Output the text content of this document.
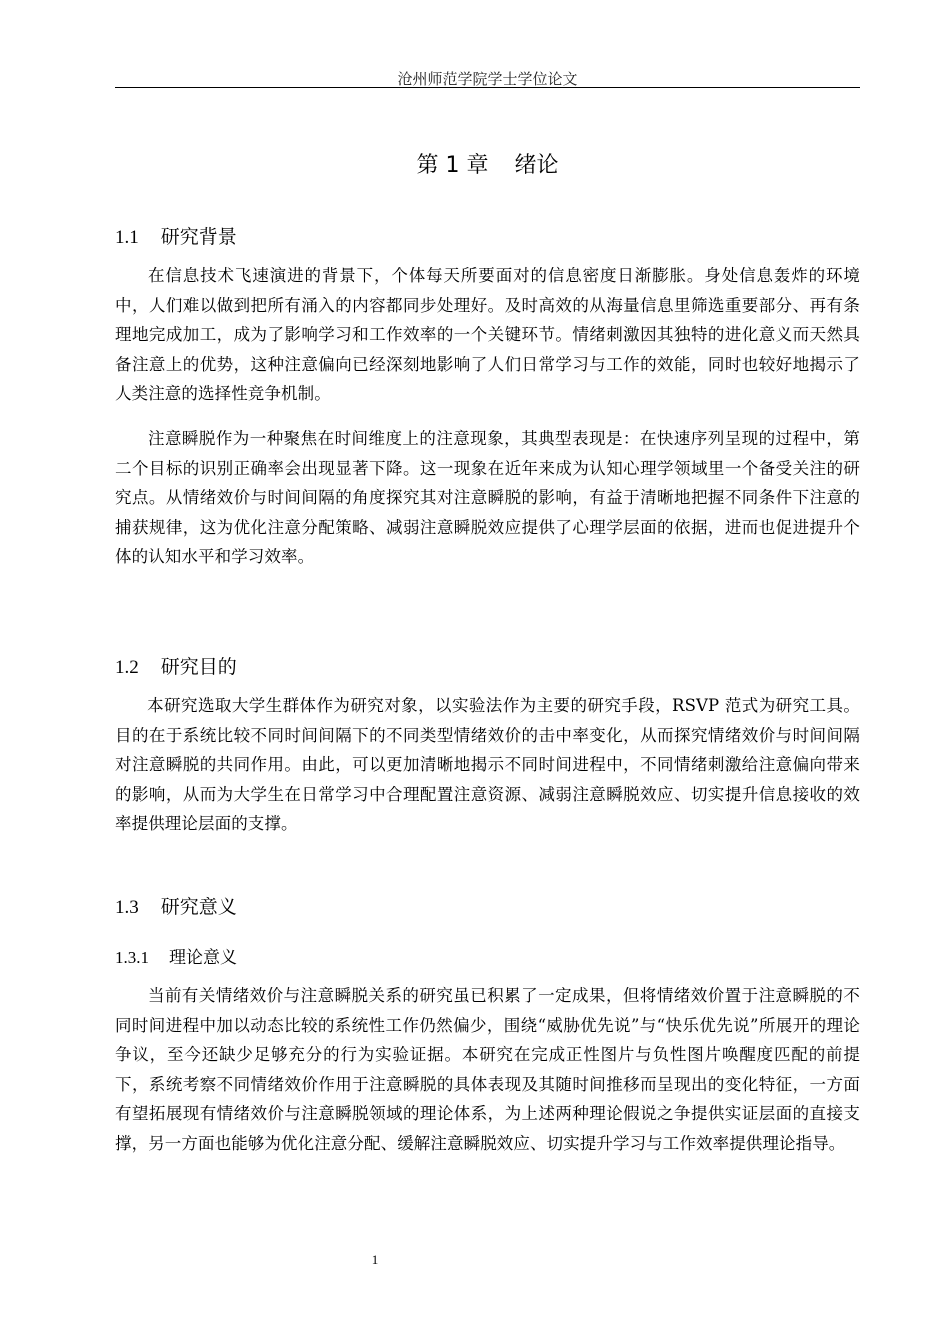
沧州师范学院学士学位论文
第 1 章 绪论
1.1 研究背景

在信息技术飞速演进的背景下，个体每天所要面对的信息密度日渐膨胀。身处信息轰炸的环境中，人们难以做到把所有涌入的内容都同步处理好。及时高效的从海量信息里筛选重要部分、再有条理地完成加工，成为了影响学习和工作效率的一个关键环节。情绪刺激因其独特的进化意义而天然具备注意上的优势，这种注意偏向已经深刻地影响了人们日常学习与工作的效能，同时也较好地揭示了人类注意的选择性竞争机制。

注意瞬脱作为一种聚焦在时间维度上的注意现象，其典型表现是：在快速序列呈现的过程中，第二个目标的识别正确率会出现显著下降。这一现象在近年来成为认知心理学领域里一个备受关注的研究点。从情绪效价与时间间隔的角度探究其对注意瞬脱的影响，有益于清晰地把握不同条件下注意的捕获规律，这为优化注意分配策略、减弱注意瞬脱效应提供了心理学层面的依据，进而也促进提升个体的认知水平和学习效率。

1.2 研究目的

本研究选取大学生群体作为研究对象，以实验法作为主要的研究手段，RSVP 范式为研究工具。目的在于系统比较不同时间间隔下的不同类型情绪效价的击中率变化，从而探究情绪效价与时间间隔对注意瞬脱的共同作用。由此，可以更加清晰地揭示不同时间进程中，不同情绪刺激给注意偏向带来的影响，从而为大学生在日常学习中合理配置注意资源、减弱注意瞬脱效应、切实提升信息接收的效率提供理论层面的支撑。

1.3 研究意义
1.3.1 理论意义

当前有关情绪效价与注意瞬脱关系的研究虽已积累了一定成果，但将情绪效价置于注意瞬脱的不同时间进程中加以动态比较的系统性工作仍然偏少，围绕“威胁优先说”与“快乐优先说”所展开的理论争议，至今还缺少足够充分的行为实验证据。本研究在完成正性图片与负性图片唤醒度匹配的前提下，系统考察不同情绪效价作用于注意瞬脱的具体表现及其随时间推移而呈现出的变化特征，一方面有望拓展现有情绪效价与注意瞬脱领域的理论体系，为上述两种理论假说之争提供实证层面的直接支撑，另一方面也能够为优化注意分配、缓解注意瞬脱效应、切实提升学习与工作效率提供理论指导。

1
